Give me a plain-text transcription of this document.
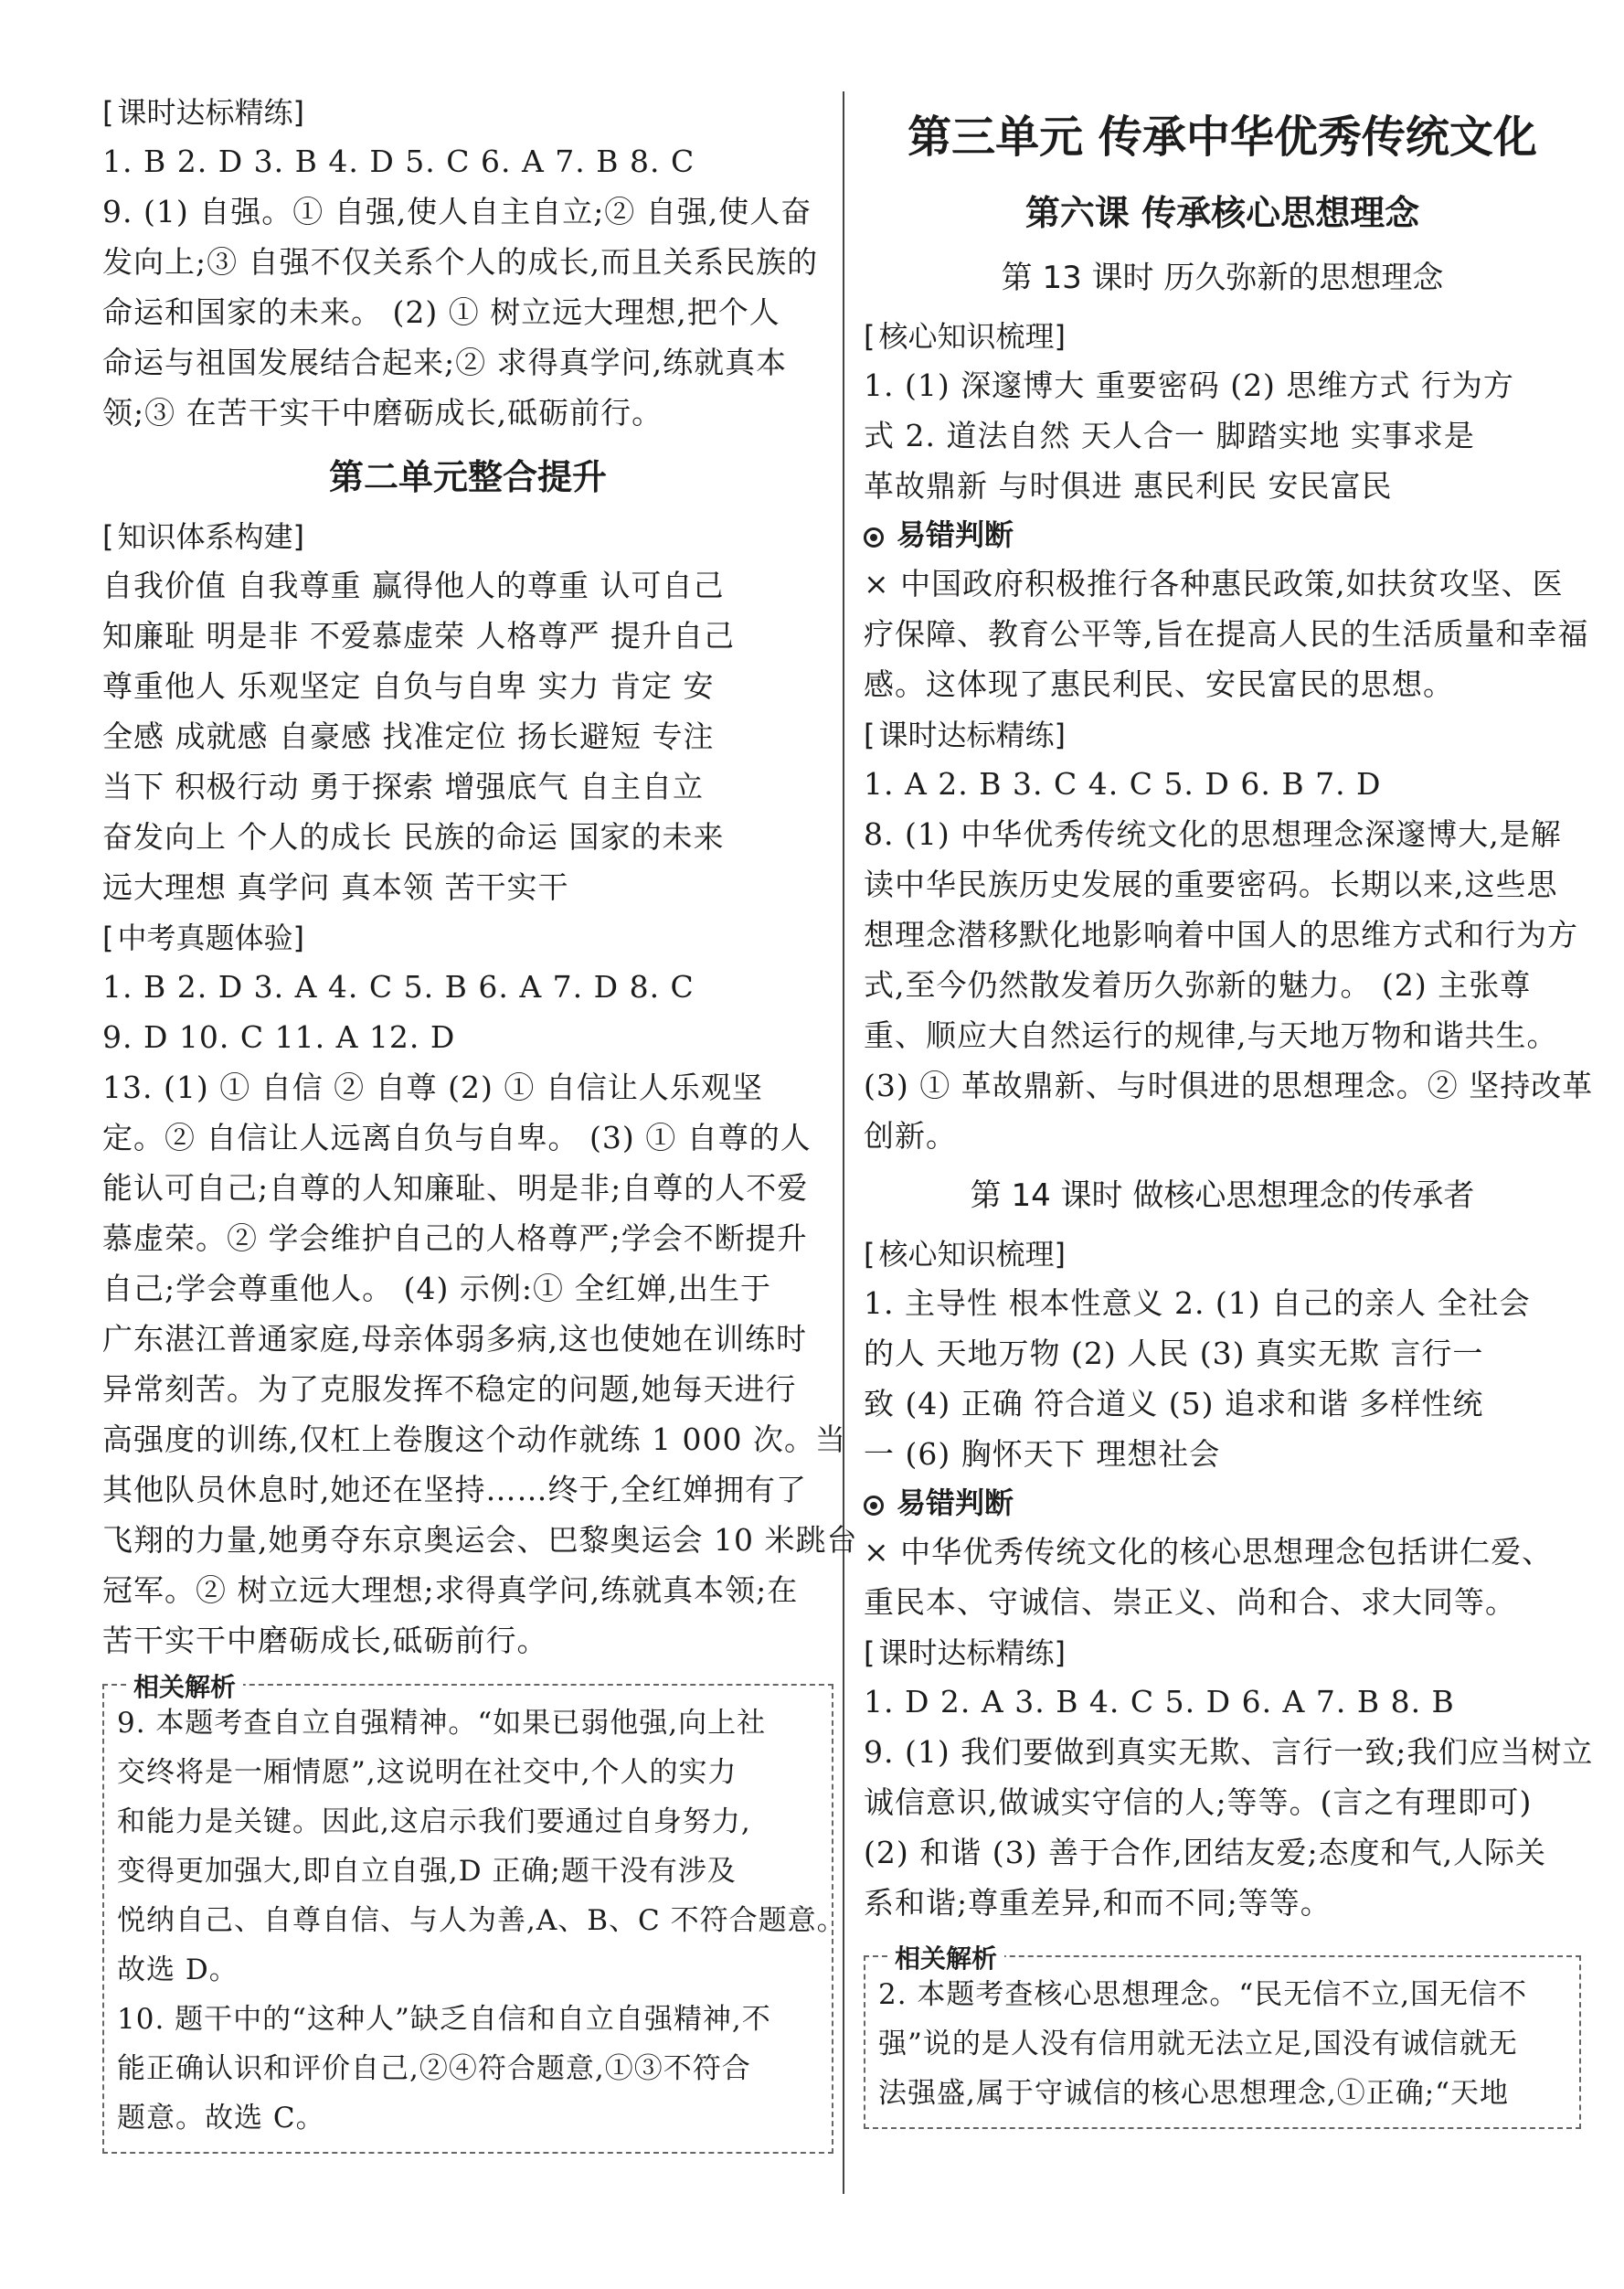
[ 课时达标精练]
1. B 2. D 3. B 4. D 5. C 6. A 7. B 8. C
9. (1) 自强。① 自强,使人自主自立;② 自强,使人奋
发向上;③ 自强不仅关系个人的成长,而且关系民族的
命运和国家的未来。 (2) ① 树立远大理想,把个人
命运与祖国发展结合起来;② 求得真学问,练就真本
领;③ 在苦干实干中磨砺成长,砥砺前行。
第二单元整合提升
[ 知识体系构建]
自我价值 自我尊重 赢得他人的尊重 认可自己
知廉耻 明是非 不爱慕虚荣 人格尊严 提升自己
尊重他人 乐观坚定 自负与自卑 实力 肯定 安
全感 成就感 自豪感 找准定位 扬长避短 专注
当下 积极行动 勇于探索 增强底气 自主自立
奋发向上 个人的成长 民族的命运 国家的未来
远大理想 真学问 真本领 苦干实干
[ 中考真题体验]
1. B 2. D 3. A 4. C 5. B 6. A 7. D 8. C
9. D 10. C 11. A 12. D
13. (1) ① 自信 ② 自尊 (2) ① 自信让人乐观坚
定。② 自信让人远离自负与自卑。 (3) ① 自尊的人
能认可自己;自尊的人知廉耻、明是非;自尊的人不爱
慕虚荣。② 学会维护自己的人格尊严;学会不断提升
自己;学会尊重他人。 (4) 示例:① 全红婵,出生于
广东湛江普通家庭,母亲体弱多病,这也使她在训练时
异常刻苦。为了克服发挥不稳定的问题,她每天进行
高强度的训练,仅杠上卷腹这个动作就练 1 000 次。当
其他队员休息时,她还在坚持……终于,全红婵拥有了
飞翔的力量,她勇夺东京奥运会、巴黎奥运会 10 米跳台
冠军。② 树立远大理想;求得真学问,练就真本领;在
苦干实干中磨砺成长,砥砺前行。
相关解析
9. 本题考查自立自强精神。“如果已弱他强,向上社
交终将是一厢情愿”,这说明在社交中,个人的实力
和能力是关键。因此,这启示我们要通过自身努力,
变得更加强大,即自立自强,D 正确;题干没有涉及
悦纳自己、自尊自信、与人为善,A、B、C 不符合题意。
故选 D。
10. 题干中的“这种人”缺乏自信和自立自强精神,不
能正确认识和评价自己,②④符合题意,①③不符合
题意。故选 C。
第三单元 传承中华优秀传统文化
第六课 传承核心思想理念
第 13 课时 历久弥新的思想理念
[ 核心知识梳理]
1. (1) 深邃博大 重要密码 (2) 思维方式 行为方
式 2. 道法自然 天人合一 脚踏实地 实事求是
革故鼎新 与时俱进 惠民利民 安民富民
易错判断
× 中国政府积极推行各种惠民政策,如扶贫攻坚、医
疗保障、教育公平等,旨在提高人民的生活质量和幸福
感。这体现了惠民利民、安民富民的思想。
[ 课时达标精练]
1. A 2. B 3. C 4. C 5. D 6. B 7. D
8. (1) 中华优秀传统文化的思想理念深邃博大,是解
读中华民族历史发展的重要密码。长期以来,这些思
想理念潜移默化地影响着中国人的思维方式和行为方
式,至今仍然散发着历久弥新的魅力。 (2) 主张尊
重、顺应大自然运行的规律,与天地万物和谐共生。
(3) ① 革故鼎新、与时俱进的思想理念。② 坚持改革
创新。
第 14 课时 做核心思想理念的传承者
[ 核心知识梳理]
1. 主导性 根本性意义 2. (1) 自己的亲人 全社会
的人 天地万物 (2) 人民 (3) 真实无欺 言行一
致 (4) 正确 符合道义 (5) 追求和谐 多样性统
一 (6) 胸怀天下 理想社会
易错判断
× 中华优秀传统文化的核心思想理念包括讲仁爱、
重民本、守诚信、崇正义、尚和合、求大同等。
[ 课时达标精练]
1. D 2. A 3. B 4. C 5. D 6. A 7. B 8. B
9. (1) 我们要做到真实无欺、言行一致;我们应当树立
诚信意识,做诚实守信的人;等等。(言之有理即可)
(2) 和谐 (3) 善于合作,团结友爱;态度和气,人际关
系和谐;尊重差异,和而不同;等等。
相关解析
2. 本题考查核心思想理念。“民无信不立,国无信不
强”说的是人没有信用就无法立足,国没有诚信就无
法强盛,属于守诚信的核心思想理念,①正确;“天地
